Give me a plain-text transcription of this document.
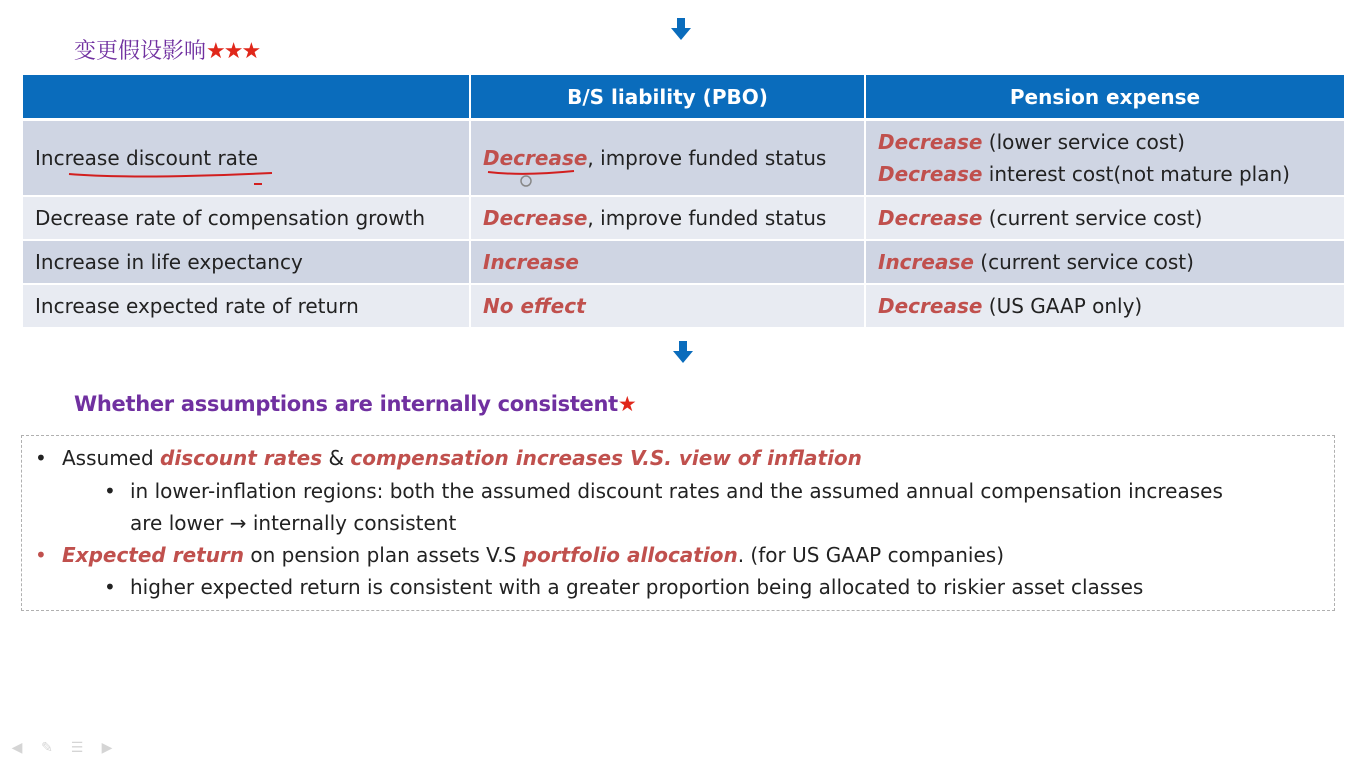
变更假设影响★★★
	B/S liability (PBO)	Pension expense
Increase discount rate	Decrease, improve funded status	Decrease (lower service cost)
Decrease interest cost(not mature plan)

Decrease rate of compensation growth	Decrease, improve funded status	Decrease (current service cost)
Increase in life expectancy	Increase	Increase (current service cost)
Increase expected rate of return	No effect	Decrease (US GAAP only)
Whether assumptions are internally consistent★
• Assumed discount rates & compensation increases V.S. view of inflation
• in lower-inflation regions: both the assumed discount rates and the assumed annual compensation increases
are lower → internally consistent
• Expected return on pension plan assets V.S portfolio allocation. (for US GAAP companies)
• higher expected return is consistent with a greater proportion being allocated to riskier asset classes
◀ ✎ ☰ ▶
